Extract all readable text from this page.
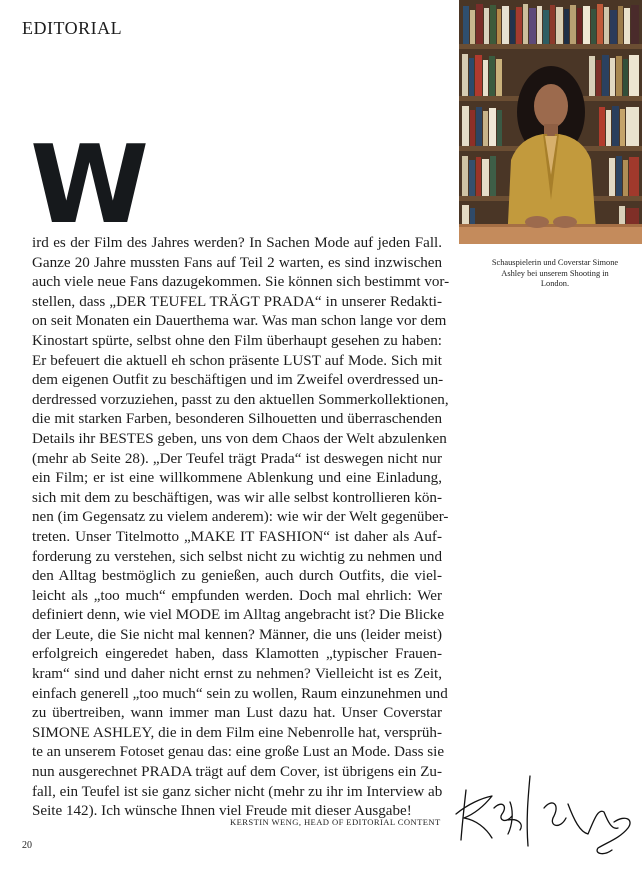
EDITORIAL
Schauspielerin und Coverstar Simone Ashley bei unserem Shooting in London.
W
ird es der Film des Jahres werden? In Sachen Mode auf jeden Fall.
Ganze 20 Jahre mussten Fans auf Teil 2 warten, es sind inzwischen
auch viele neue Fans dazugekommen. Sie können sich bestimmt vor-
stellen, dass „DER TEUFEL TRÄGT PRADA“ in unserer Redakti-
on seit Monaten ein Dauerthema war. Was man schon lange vor dem
Kinostart spürte, selbst ohne den Film überhaupt gesehen zu haben:
Er befeuert die aktuell eh schon präsente LUST auf Mode. Sich mit
dem eigenen Outfit zu beschäftigen und im Zweifel overdressed un-
derdressed vorzuziehen, passt zu den aktuellen Sommerkollektionen,
die mit starken Farben, besonderen Silhouetten und überraschenden
Details ihr BESTES geben, uns von dem Chaos der Welt abzulenken
(mehr ab Seite 28). „Der Teufel trägt Prada“ ist deswegen nicht nur
ein Film; er ist eine willkommene Ablenkung und eine Einladung,
sich mit dem zu beschäftigen, was wir alle selbst kontrollieren kön-
nen (im Gegensatz zu vielem anderem): wie wir der Welt gegenüber-
treten. Unser Titelmotto „MAKE IT FASHION“ ist daher als Auf-
forderung zu verstehen, sich selbst nicht zu wichtig zu nehmen und
den Alltag bestmöglich zu genießen, auch durch Outfits, die viel-
leicht als „too much“ empfunden werden. Doch mal ehrlich: Wer
definiert denn, wie viel MODE im Alltag angebracht ist? Die Blicke
der Leute, die Sie nicht mal kennen? Männer, die uns (leider meist)
erfolgreich eingeredet haben, dass Klamotten „typischer Frauen-
kram“ sind und daher nicht ernst zu nehmen? Vielleicht ist es Zeit,
einfach generell „too much“ sein zu wollen, Raum einzunehmen und
zu übertreiben, wann immer man Lust dazu hat. Unser Coverstar
SIMONE ASHLEY, die in dem Film eine Nebenrolle hat, versprüh-
te an unserem Fotoset genau das: eine große Lust an Mode. Dass sie
nun ausgerechnet PRADA trägt auf dem Cover, ist übrigens ein Zu-
fall, ein Teufel ist sie ganz sicher nicht (mehr zu ihr im Interview ab
Seite 142). Ich wünsche Ihnen viel Freude mit dieser Ausgabe!
KERSTIN WENG, HEAD OF EDITORIAL CONTENT
20
